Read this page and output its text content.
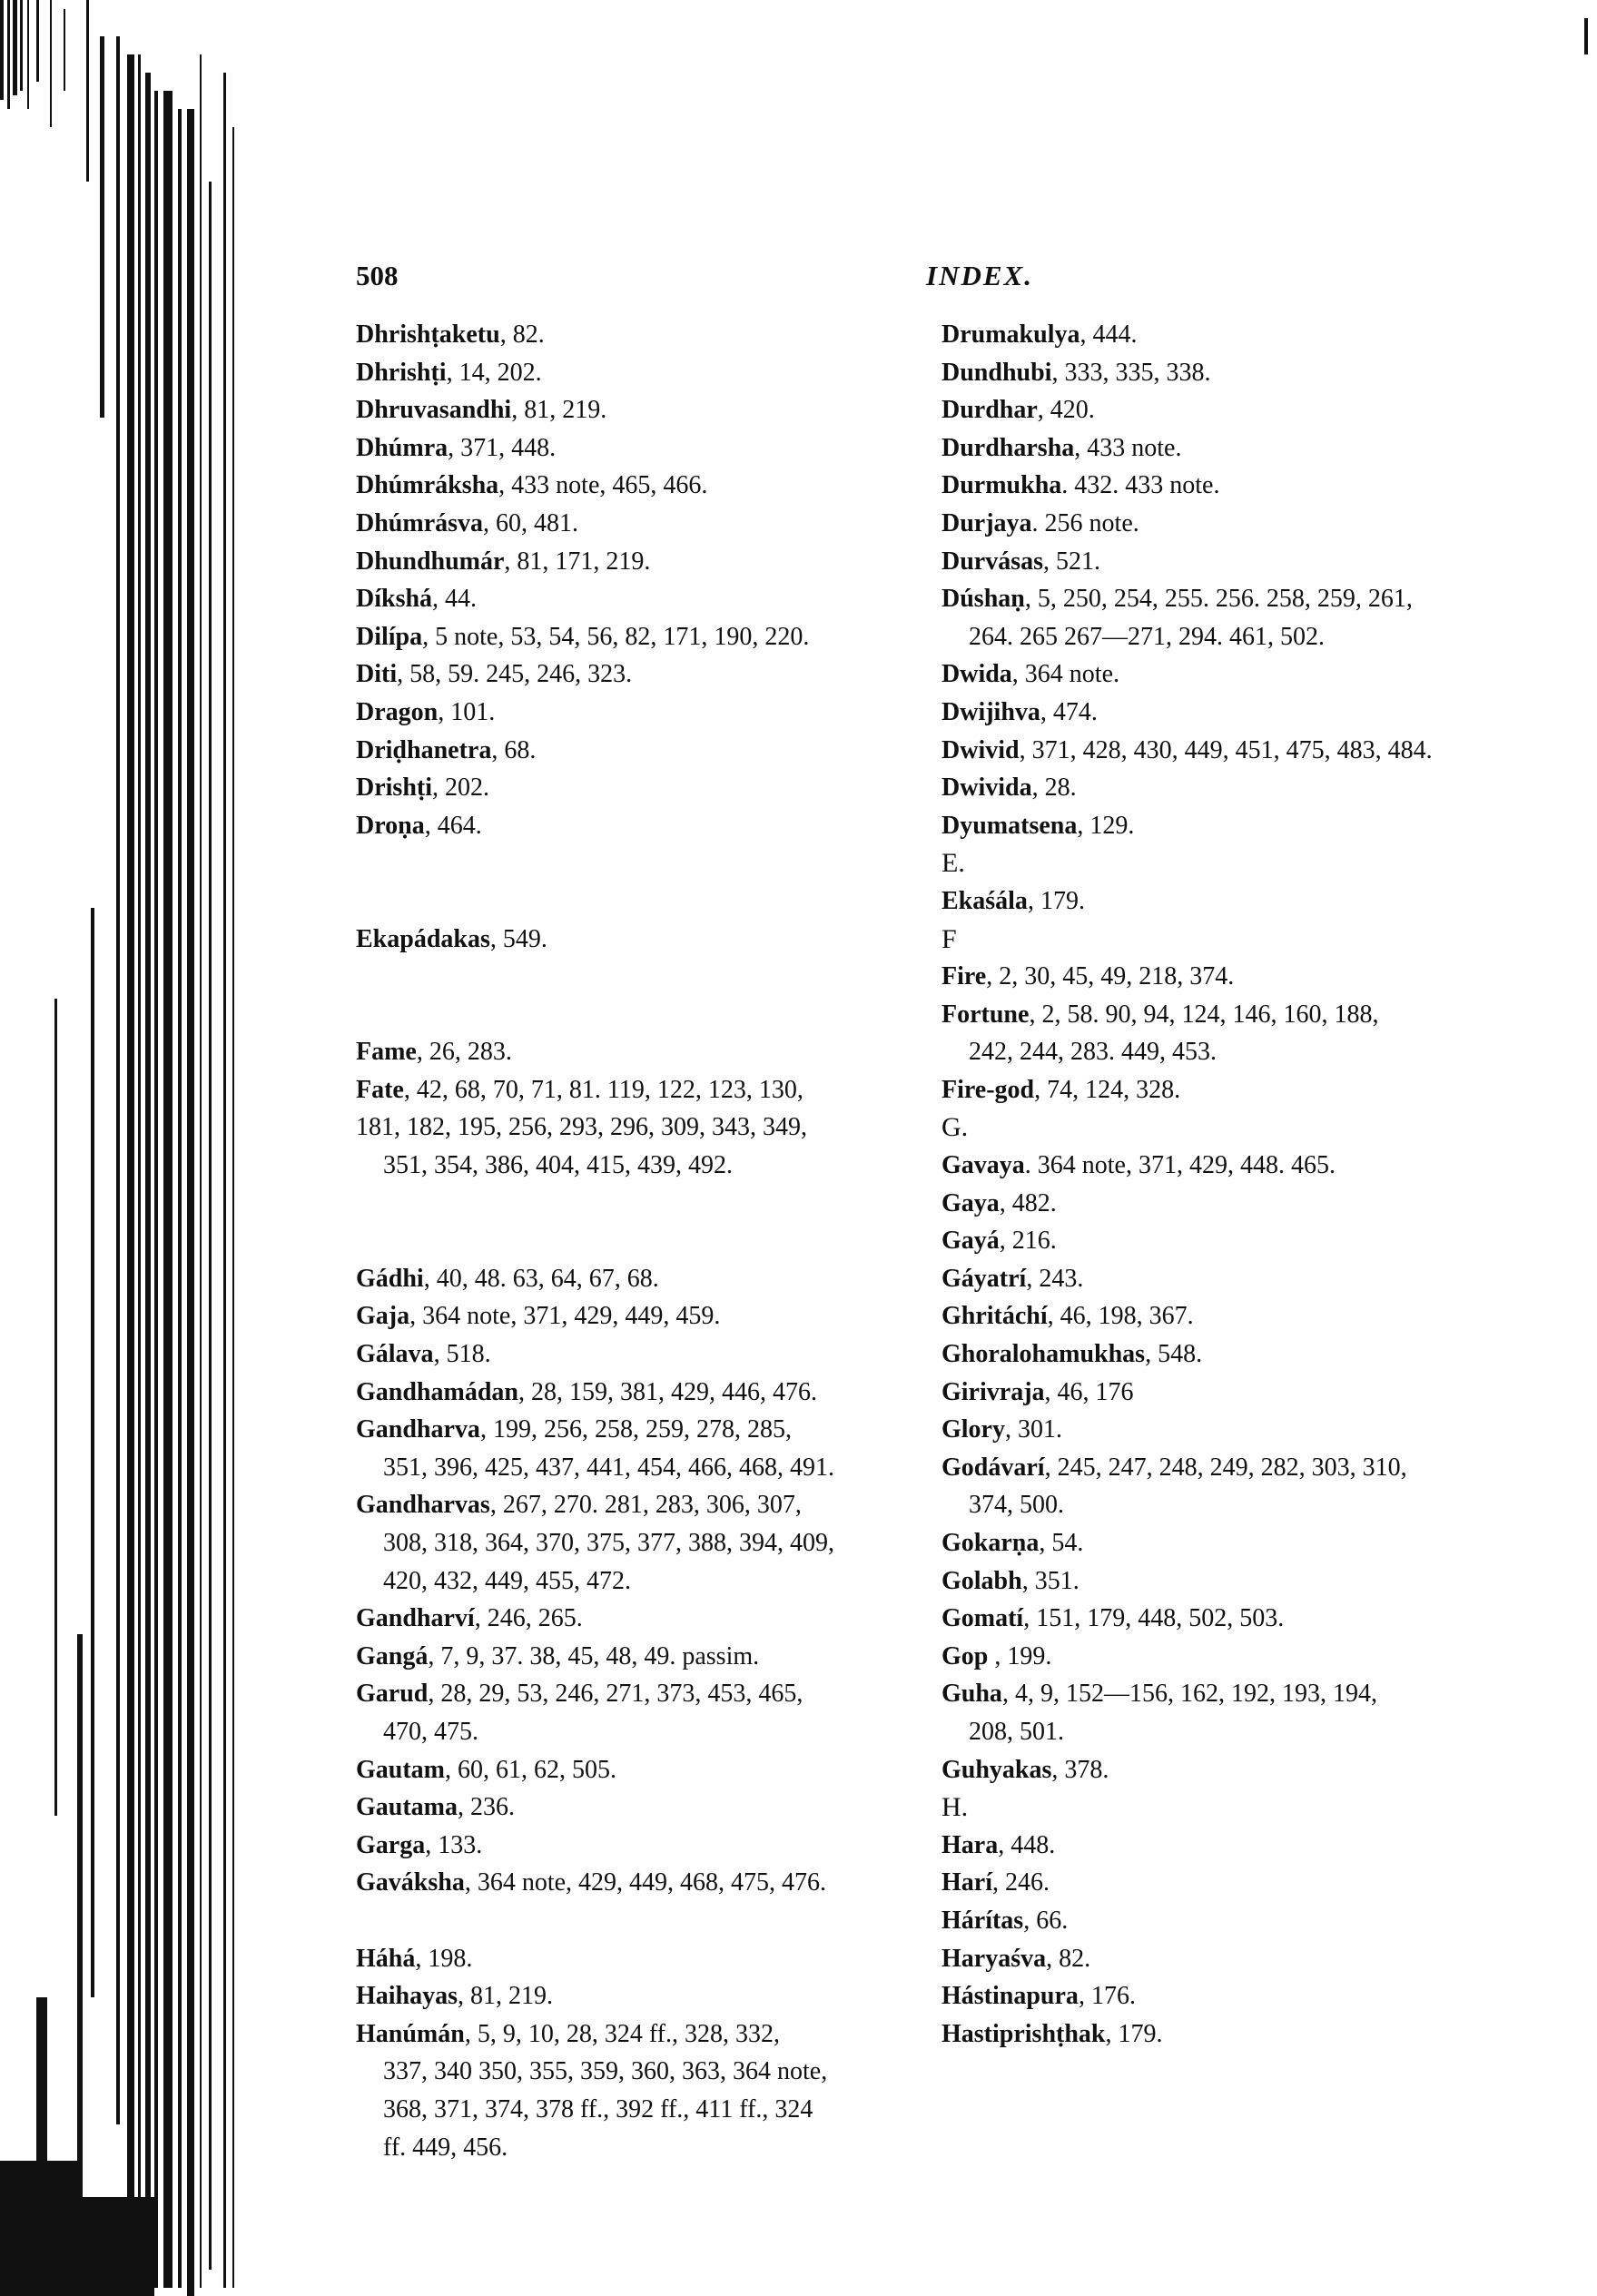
508	INDEX.
Dhrishṭaketu, 82.
Dhrishṭi, 14, 202.
Dhruvasandhi, 81, 219.
Dhúmra, 371, 448.
Dhúmráksha, 433 note, 465, 466.
Dhúmrásva, 60, 481.
Dhundhumár, 81, 171, 219.
Díkshá, 44.
Dilípa, 5 note, 53, 54, 56, 82, 171, 190, 220.
Diti, 58, 59. 245, 246, 323.
Dragon, 101.
Driḍhanetra, 68.
Drishṭi, 202.
Droṇa, 464.
Ekapádakas, 549.
Fame, 26, 283.
Fate, 42, 68, 70, 71, 81. 119, 122, 123, 130,
181, 182, 195, 256, 293, 296, 309, 343, 349,
351, 354, 386, 404, 415, 439, 492.
Gádhi, 40, 48. 63, 64, 67, 68.
Gaja, 364 note, 371, 429, 449, 459.
Gálava, 518.
Gandhamádan, 28, 159, 381, 429, 446, 476.
Gandharva, 199, 256, 258, 259, 278, 285,
351, 396, 425, 437, 441, 454, 466, 468, 491.
Gandharvas, 267, 270. 281, 283, 306, 307,
308, 318, 364, 370, 375, 377, 388, 394, 409,
420, 432, 449, 455, 472.
Gandharví, 246, 265.
Gangá, 7, 9, 37. 38, 45, 48, 49. passim.
Garud, 28, 29, 53, 246, 271, 373, 453, 465,
470, 475.
Gautam, 60, 61, 62, 505.
Gautama, 236.
Garga, 133.
Gaváksha, 364 note, 429, 449, 468, 475, 476.
Háhá, 198.
Haihayas, 81, 219.
Hanúmán, 5, 9, 10, 28, 324 ff., 328, 332,
337, 340 350, 355, 359, 360, 363, 364 note,
368, 371, 374, 378 ff., 392 ff., 411 ff., 324
ff. 449, 456.
Drumakulya, 444.
Dundhubi, 333, 335, 338.
Durdhar, 420.
Durdharsha, 433 note.
Durmukha. 432. 433 note.
Durjaya. 256 note.
Durvásas, 521.
Dúshaṇ, 5, 250, 254, 255. 256. 258, 259, 261,
264. 265 267—271, 294. 461, 502.
Dwida, 364 note.
Dwijihva, 474.
Dwivid, 371, 428, 430, 449, 451, 475, 483, 484.
Dwivida, 28.
Dyumatsena, 129.
E.
Ekaśála, 179.
F
Fire, 2, 30, 45, 49, 218, 374.
Fortune, 2, 58. 90, 94, 124, 146, 160, 188,
242, 244, 283. 449, 453.
Fire-god, 74, 124, 328.
G.
Gavaya. 364 note, 371, 429, 448. 465.
Gaya, 482.
Gayá, 216.
Gáyatrí, 243.
Ghritáchí, 46, 198, 367.
Ghoralohamukhas, 548.
Girivraja, 46, 176
Glory, 301.
Godávarí, 245, 247, 248, 249, 282, 303, 310,
374, 500.
Gokarṇa, 54.
Golabh, 351.
Gomatí, 151, 179, 448, 502, 503.
Gop , 199.
Guha, 4, 9, 152—156, 162, 192, 193, 194,
208, 501.
Guhyakas, 378.
H.
Hara, 448.
Harí, 246.
Hárítas, 66.
Haryaśva, 82.
Hástinapura, 176.
Hastiprishṭhak, 179.
